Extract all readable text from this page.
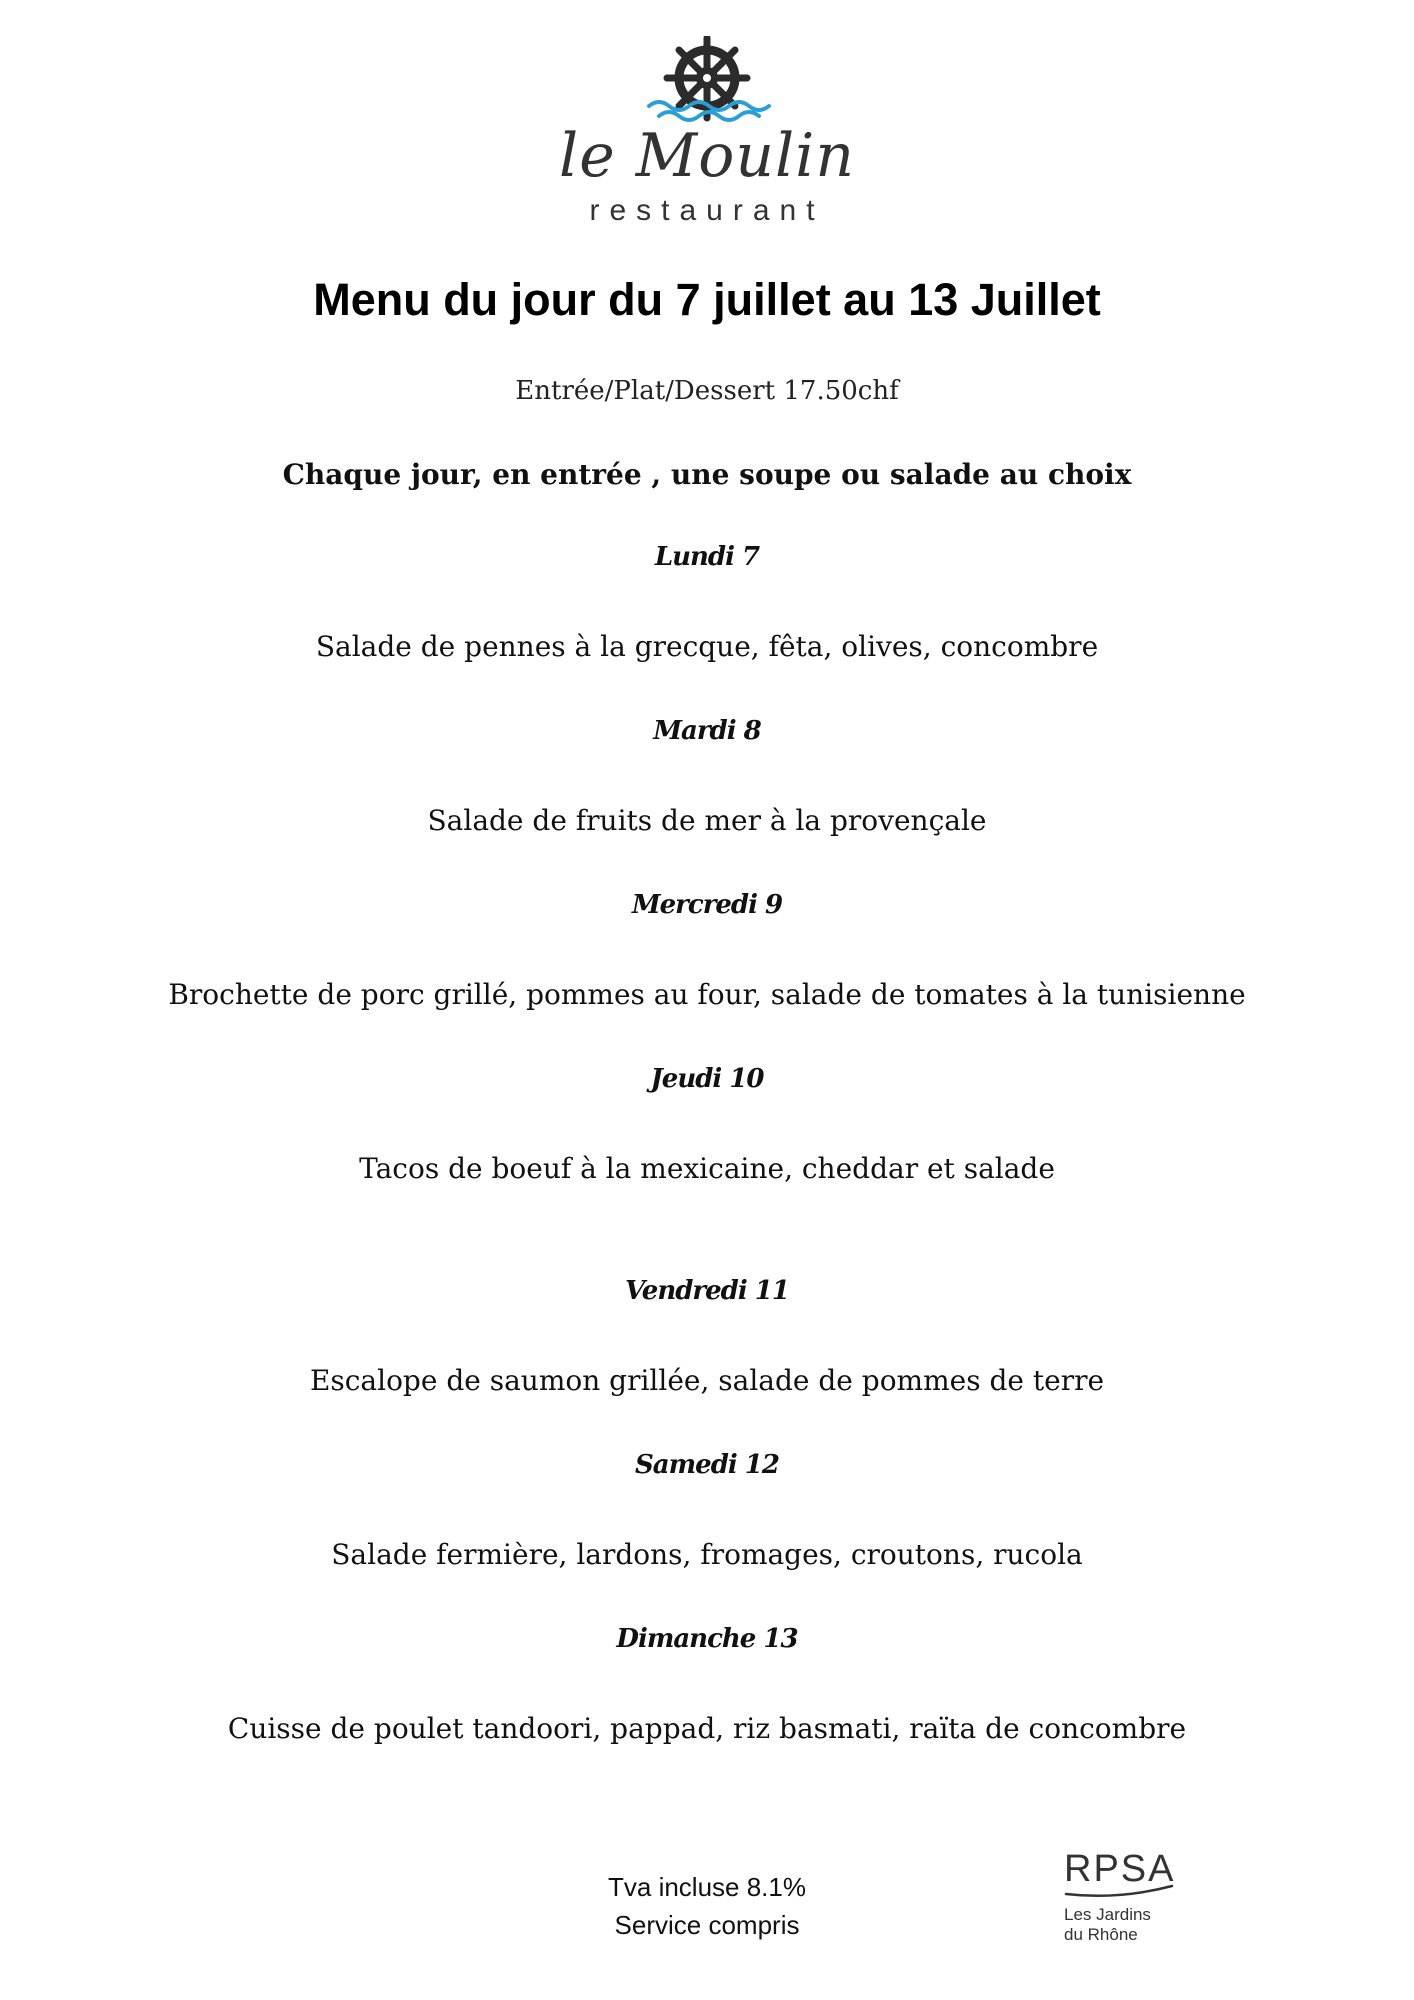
le Moulin
restaurant
Menu du jour du 7 juillet au 13 Juillet
Entrée/Plat/Dessert 17.50chf
Chaque jour, en entrée , une soupe ou salade au choix
Lundi 7
Salade de pennes à la grecque, fêta, olives, concombre
Mardi 8
Salade de fruits de mer à la provençale
Mercredi 9
Brochette de porc grillé, pommes au four, salade de tomates à la tunisienne
Jeudi 10
Tacos de boeuf à la mexicaine, cheddar et salade
Vendredi 11
Escalope de saumon grillée, salade de pommes de terre
Samedi 12
Salade fermière, lardons, fromages, croutons, rucola
Dimanche 13
Cuisse de poulet tandoori, pappad, riz basmati, raïta de concombre
Tva incluse 8.1%
Service compris
RPSA
Les Jardins
du Rhône
